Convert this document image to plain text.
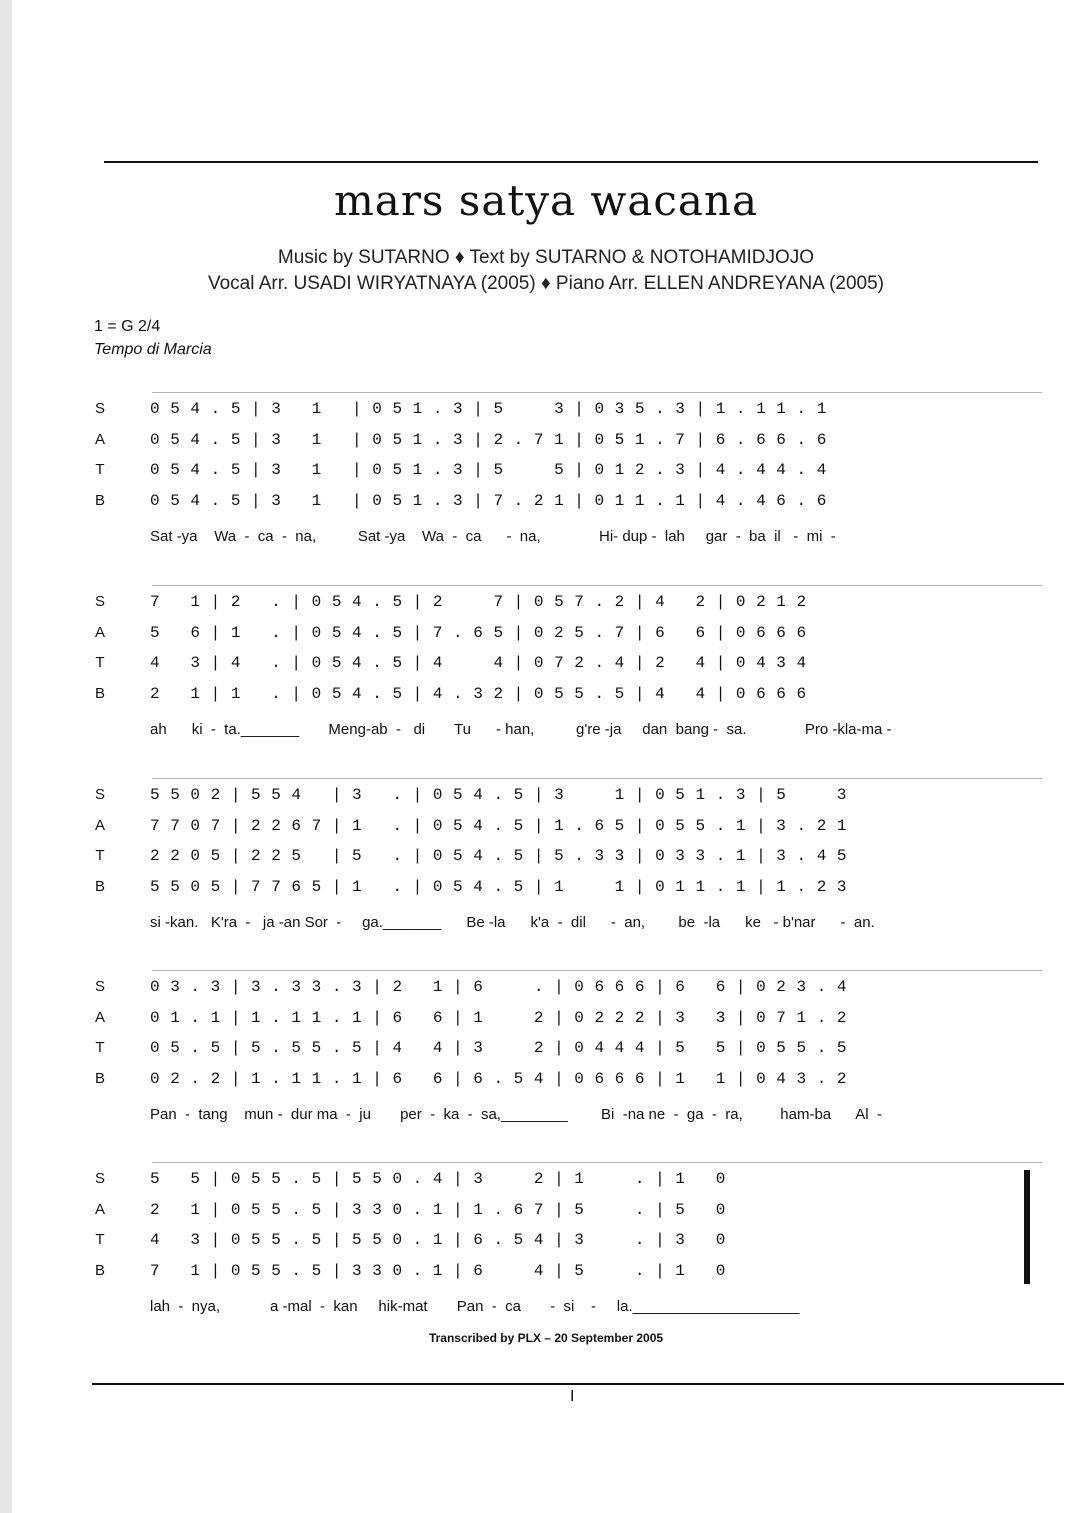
mars satya wacana
Music by SUTARNO ♦ Text by SUTARNO & NOTOHAMIDJOJO
Vocal Arr. USADI WIRYATNAYA (2005) ♦ Piano Arr. ELLEN ANDREYANA (2005)
1 = G 2/4
Tempo di Marcia
S	0 5 4 . 5 | 3   1   | 0 5 1 . 3 | 5     3 | 0 3 5 . 3 | 1 . 1 1 . 1
A	0 5 4 . 5 | 3   1   | 0 5 1 . 3 | 2 . 7 1 | 0 5 1 . 7 | 6 . 6 6 . 6
T	0 5 4 . 5 | 3   1   | 0 5 1 . 3 | 5     5 | 0 1 2 . 3 | 4 . 4 4 . 4
B	0 5 4 . 5 | 3   1   | 0 5 1 . 3 | 7 . 2 1 | 0 1 1 . 1 | 4 . 4 6 . 6
Sat -ya    Wa  -  ca  -  na,          Sat -ya    Wa  -  ca      -  na,              Hi- dup -  lah     gar  -  ba  il   -  mi  -
S	7   1 | 2   . | 0 5 4 . 5 | 2     7 | 0 5 7 . 2 | 4   2 | 0 2 1 2
A	5   6 | 1   . | 0 5 4 . 5 | 7 . 6 5 | 0 2 5 . 7 | 6   6 | 0 6 6 6
T	4   3 | 4   . | 0 5 4 . 5 | 4     4 | 0 7 2 . 4 | 2   4 | 0 4 3 4
B	2   1 | 1   . | 0 5 4 . 5 | 4 . 3 2 | 0 5 5 . 5 | 4   4 | 0 6 6 6
ah      ki  -  ta._______       Meng-ab  -   di       Tu      - han,          g're -ja     dan  bang -  sa.              Pro -kla-ma -
S	5 5 0 2 | 5 5 4   | 3   . | 0 5 4 . 5 | 3     1 | 0 5 1 . 3 | 5     3
A	7 7 0 7 | 2 2 6 7 | 1   . | 0 5 4 . 5 | 1 . 6 5 | 0 5 5 . 1 | 3 . 2 1
T	2 2 0 5 | 2 2 5   | 5   . | 0 5 4 . 5 | 5 . 3 3 | 0 3 3 . 1 | 3 . 4 5
B	5 5 0 5 | 7 7 6 5 | 1   . | 0 5 4 . 5 | 1     1 | 0 1 1 . 1 | 1 . 2 3
si -kan.   K'ra  -   ja -an Sor  -     ga._______      Be -la      k'a  -  dil      -  an,        be  -la      ke   - b'nar      -  an.
S	0 3 . 3 | 3 . 3 3 . 3 | 2   1 | 6     . | 0 6 6 6 | 6   6 | 0 2 3 . 4
A	0 1 . 1 | 1 . 1 1 . 1 | 6   6 | 1     2 | 0 2 2 2 | 3   3 | 0 7 1 . 2
T	0 5 . 5 | 5 . 5 5 . 5 | 4   4 | 3     2 | 0 4 4 4 | 5   5 | 0 5 5 . 5
B	0 2 . 2 | 1 . 1 1 . 1 | 6   6 | 6 . 5 4 | 0 6 6 6 | 1   1 | 0 4 3 . 2
Pan  -  tang    mun -  dur ma  -  ju       per  -  ka  -  sa,________        Bi  -na ne  -  ga  -  ra,         ham-ba      Al  -
S	5   5 | 0 5 5 . 5 | 5 5 0 . 4 | 3     2 | 1     . | 1   0
A	2   1 | 0 5 5 . 5 | 3 3 0 . 1 | 1 . 6 7 | 5     . | 5   0
T	4   3 | 0 5 5 . 5 | 5 5 0 . 1 | 6 . 5 4 | 3     . | 3   0
B	7   1 | 0 5 5 . 5 | 3 3 0 . 1 | 6     4 | 5     . | 1   0
lah  -  nya,            a -mal  -  kan     hik-mat       Pan  -  ca       -  si    -     la.____________________
Transcribed by PLX – 20 September 2005
I
